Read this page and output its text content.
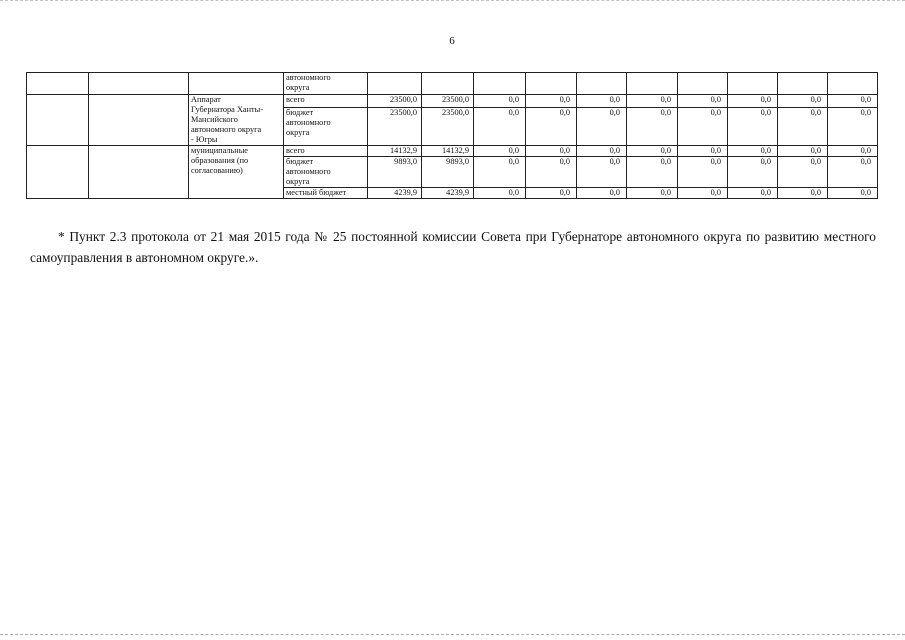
6

			автономного
округа										

		Аппарат
Губернатора Ханты-
Мансийского
автономного округа
- Югры	всего	23500,0	23500,0	0,0	0,0	0,0	0,0	0,0	0,0	0,0	0,0

			бюджет
автономного
округа	23500,0	23500,0	0,0	0,0	0,0	0,0	0,0	0,0	0,0	0,0

		муниципальные
образования (по
согласованию)	всего	14132,9	14132,9	0,0	0,0	0,0	0,0	0,0	0,0	0,0	0,0

			бюджет
автономного
округа	9893,0	9893,0	0,0	0,0	0,0	0,0	0,0	0,0	0,0	0,0

			местный бюджет	4239,9	4239,9	0,0	0,0	0,0	0,0	0,0	0,0	0,0	0,0
* Пункт 2.3 протокола от 21 мая 2015 года № 25 постоянной комиссии Совета при Губернаторе автономного округа по развитию местного самоуправления в автономном округе.».
